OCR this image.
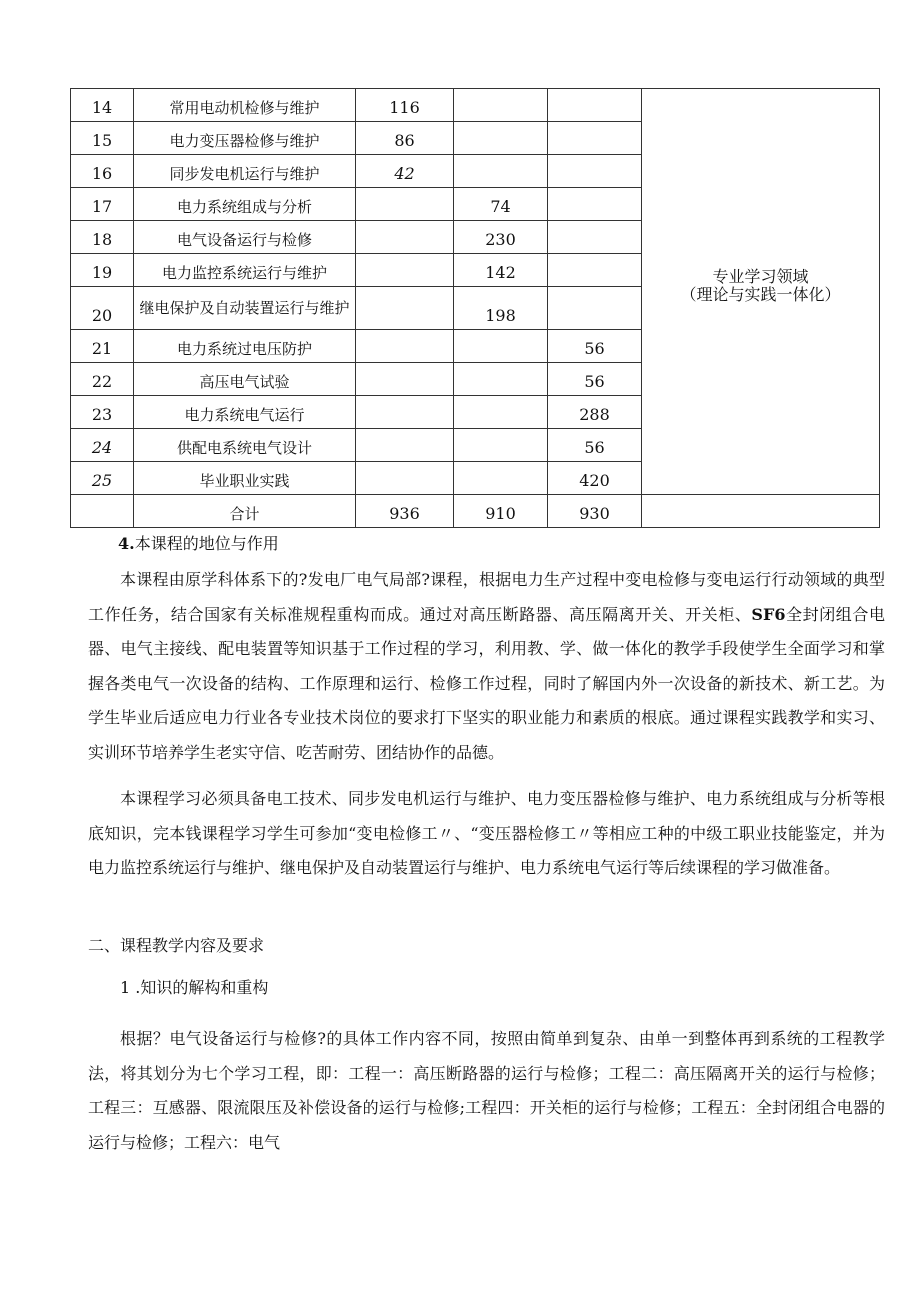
14	常用电动机检修与维护	116			专业学习领域
（理论与实践一体化）

15	电力变压器检修与维护	86			

16	同步发电机运行与维护	42			

17	电力系统组成与分析		74		

18	电气设备运行与检修		230		

19	电力监控系统运行与维护		142		

20	继电保护及自动装置运行与维护		198		

21	电力系统过电压防护			56	

22	高压电气试验			56	

23	电力系统电气运行			288	

24	供配电系统电气设计			56	

25	毕业职业实践			420	

	合计	936	910	930	

4.本课程的地位与作用

本课程由原学科体系下的?发电厂电气局部?课程，根据电力生产过程中变电检修与变电运行行动领域的典型工作任务，结合国家有关标准规程重构而成。通过对高压断路器、高压隔离开关、开关柜、SF6全封闭组合电器、电气主接线、配电装置等知识基于工作过程的学习，利用教、学、做一体化的教学手段使学生全面学习和掌握各类电气一次设备的结构、工作原理和运行、检修工作过程，同时了解国内外一次设备的新技术、新工艺。为学生毕业后适应电力行业各专业技术岗位的要求打下坚实的职业能力和素质的根底。通过课程实践教学和实习、实训环节培养学生老实守信、吃苦耐劳、团结协作的品德。

本课程学习必须具备电工技术、同步发电机运行与维护、电力变压器检修与维护、电力系统组成与分析等根底知识，完本钱课程学习学生可参加“变电检修工〃、“变压器检修工〃等相应工种的中级工职业技能鉴定，并为电力监控系统运行与维护、继电保护及自动装置运行与维护、电力系统电气运行等后续课程的学习做准备。

二、课程教学内容及要求
1 .知识的解构和重构

根据？电气设备运行与检修?的具体工作内容不同，按照由简单到复杂、由单一到整体再到系统的工程教学法，将其划分为七个学习工程，即：工程一：高压断路器的运行与检修；工程二：高压隔离开关的运行与检修；工程三：互感器、限流限压及补偿设备的运行与检修;工程四：开关柜的运行与检修；工程五：全封闭组合电器的运行与检修；工程六：电气
